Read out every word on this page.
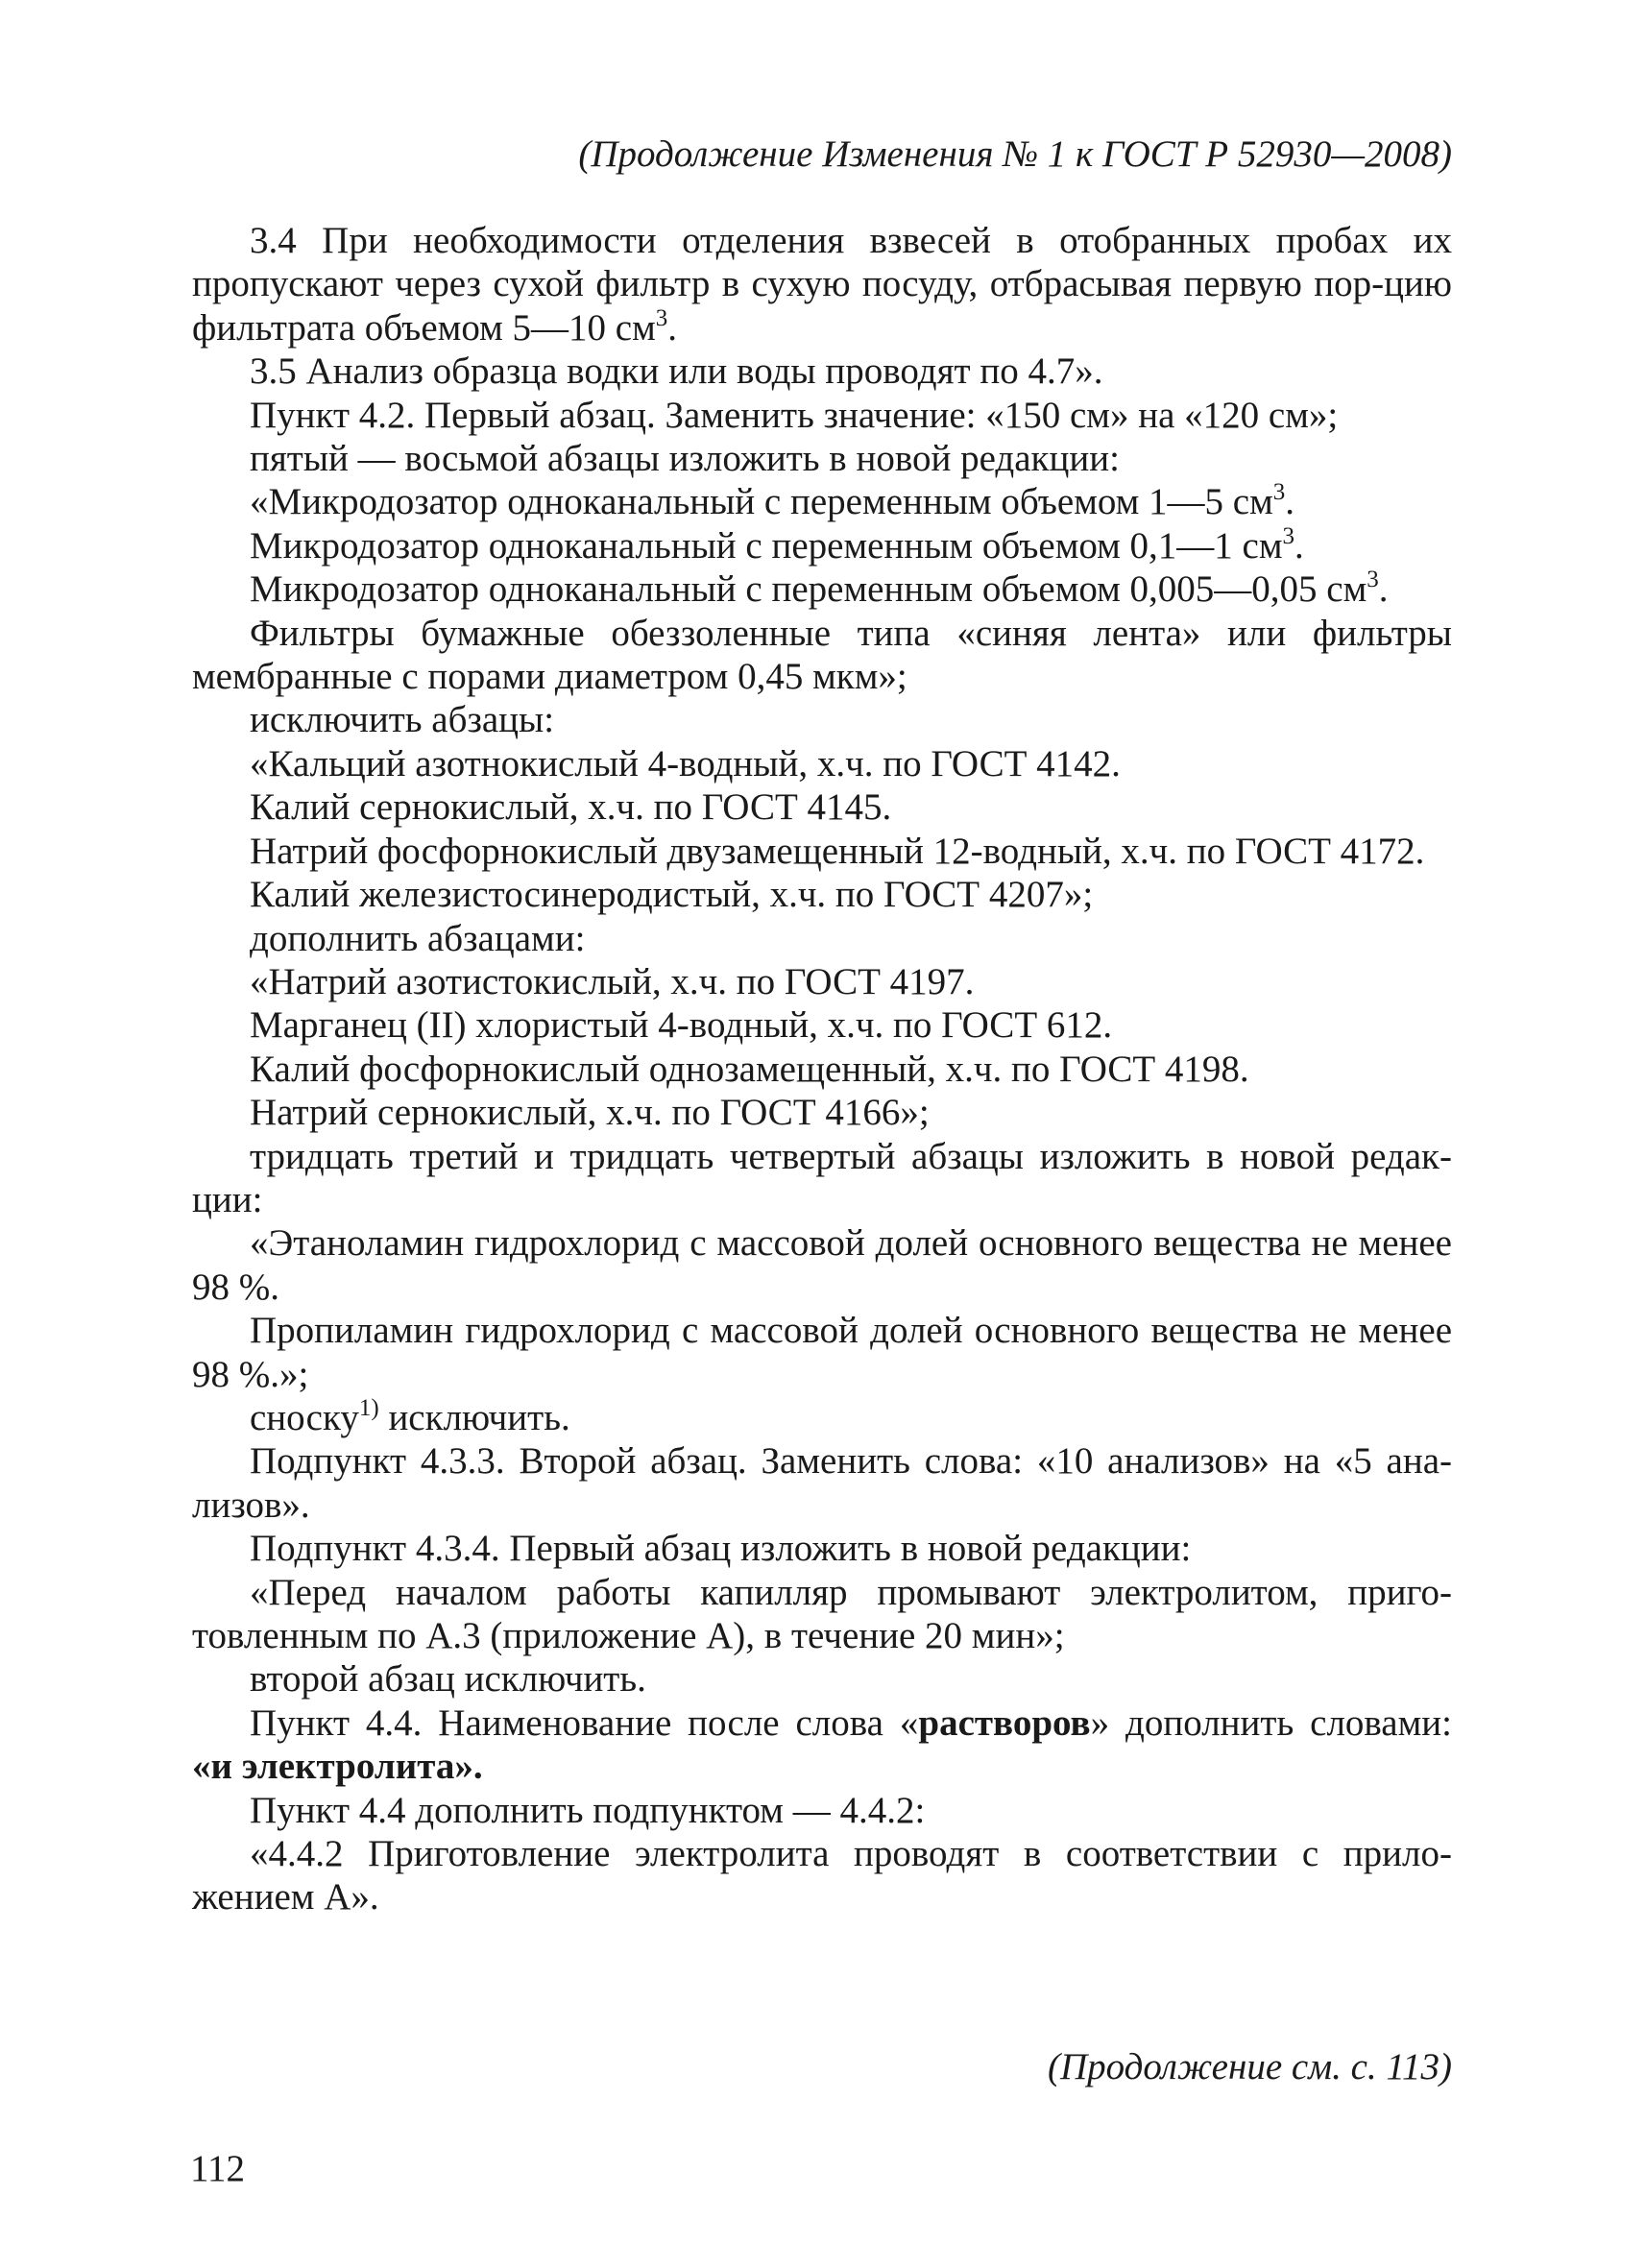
(Продолжение Изменения № 1 к ГОСТ Р 52930—2008)

3.4 При необходимости отделения взвесей в отобранных пробах их пропускают через сухой фильтр в сухую посуду, отбрасывая первую пор-цию фильтрата объемом 5—10 $см^3$.

3.5 Анализ образца водки или воды проводят по 4.7».

Пункт 4.2. Первый абзац. Заменить значение: «150 см» на «120 см»;

пятый — восьмой абзацы изложить в новой редакции:

«Микродозатор одноканальный с переменным объемом 1—5 $см^3$.

Микродозатор одноканальный с переменным объемом 0,1—1 $см^3$.

Микродозатор одноканальный с переменным объемом 0,005—0,05 $см^3$.

Фильтры бумажные обеззоленные типа «синяя лента» или фильтры мембранные с порами диаметром 0,45 мкм»;

исключить абзацы:

«Кальций азотнокислый 4-водный, х.ч. по ГОСТ 4142.

Калий сернокислый, х.ч. по ГОСТ 4145.

Натрий фосфорнокислый двузамещенный 12-водный, х.ч. по ГОСТ 4172.

Калий железистосинеродистый, х.ч. по ГОСТ 4207»;

дополнить абзацами:

«Натрий азотистокислый, х.ч. по ГОСТ 4197.

Марганец (II) хлористый 4-водный, х.ч. по ГОСТ 612.

Калий фосфорнокислый однозамещенный, х.ч. по ГОСТ 4198.

Натрий сернокислый, х.ч. по ГОСТ 4166»;

тридцать третий и тридцать четвертый абзацы изложить в новой редак-ции:

«Этаноламин гидрохлорид с массовой долей основного вещества не менее 98 %.

Пропиламин гидрохлорид с массовой долей основного вещества не менее 98 %.»;

сноску$^{1)}$ исключить.

Подпункт 4.3.3. Второй абзац. Заменить слова: «10 анализов» на «5 ана-лизов».

Подпункт 4.3.4. Первый абзац изложить в новой редакции:

«Перед началом работы капилляр промывают электролитом, приго-товленным по А.3 (приложение А), в течение 20 мин»;

второй абзац исключить.

Пункт 4.4. Наименование после слова «растворов» дополнить словами: «и электролита».

Пункт 4.4 дополнить подпунктом — 4.4.2:

«4.4.2 Приготовление электролита проводят в соответствии с прило-жением А».

(Продолжение см. с. 113)
112
